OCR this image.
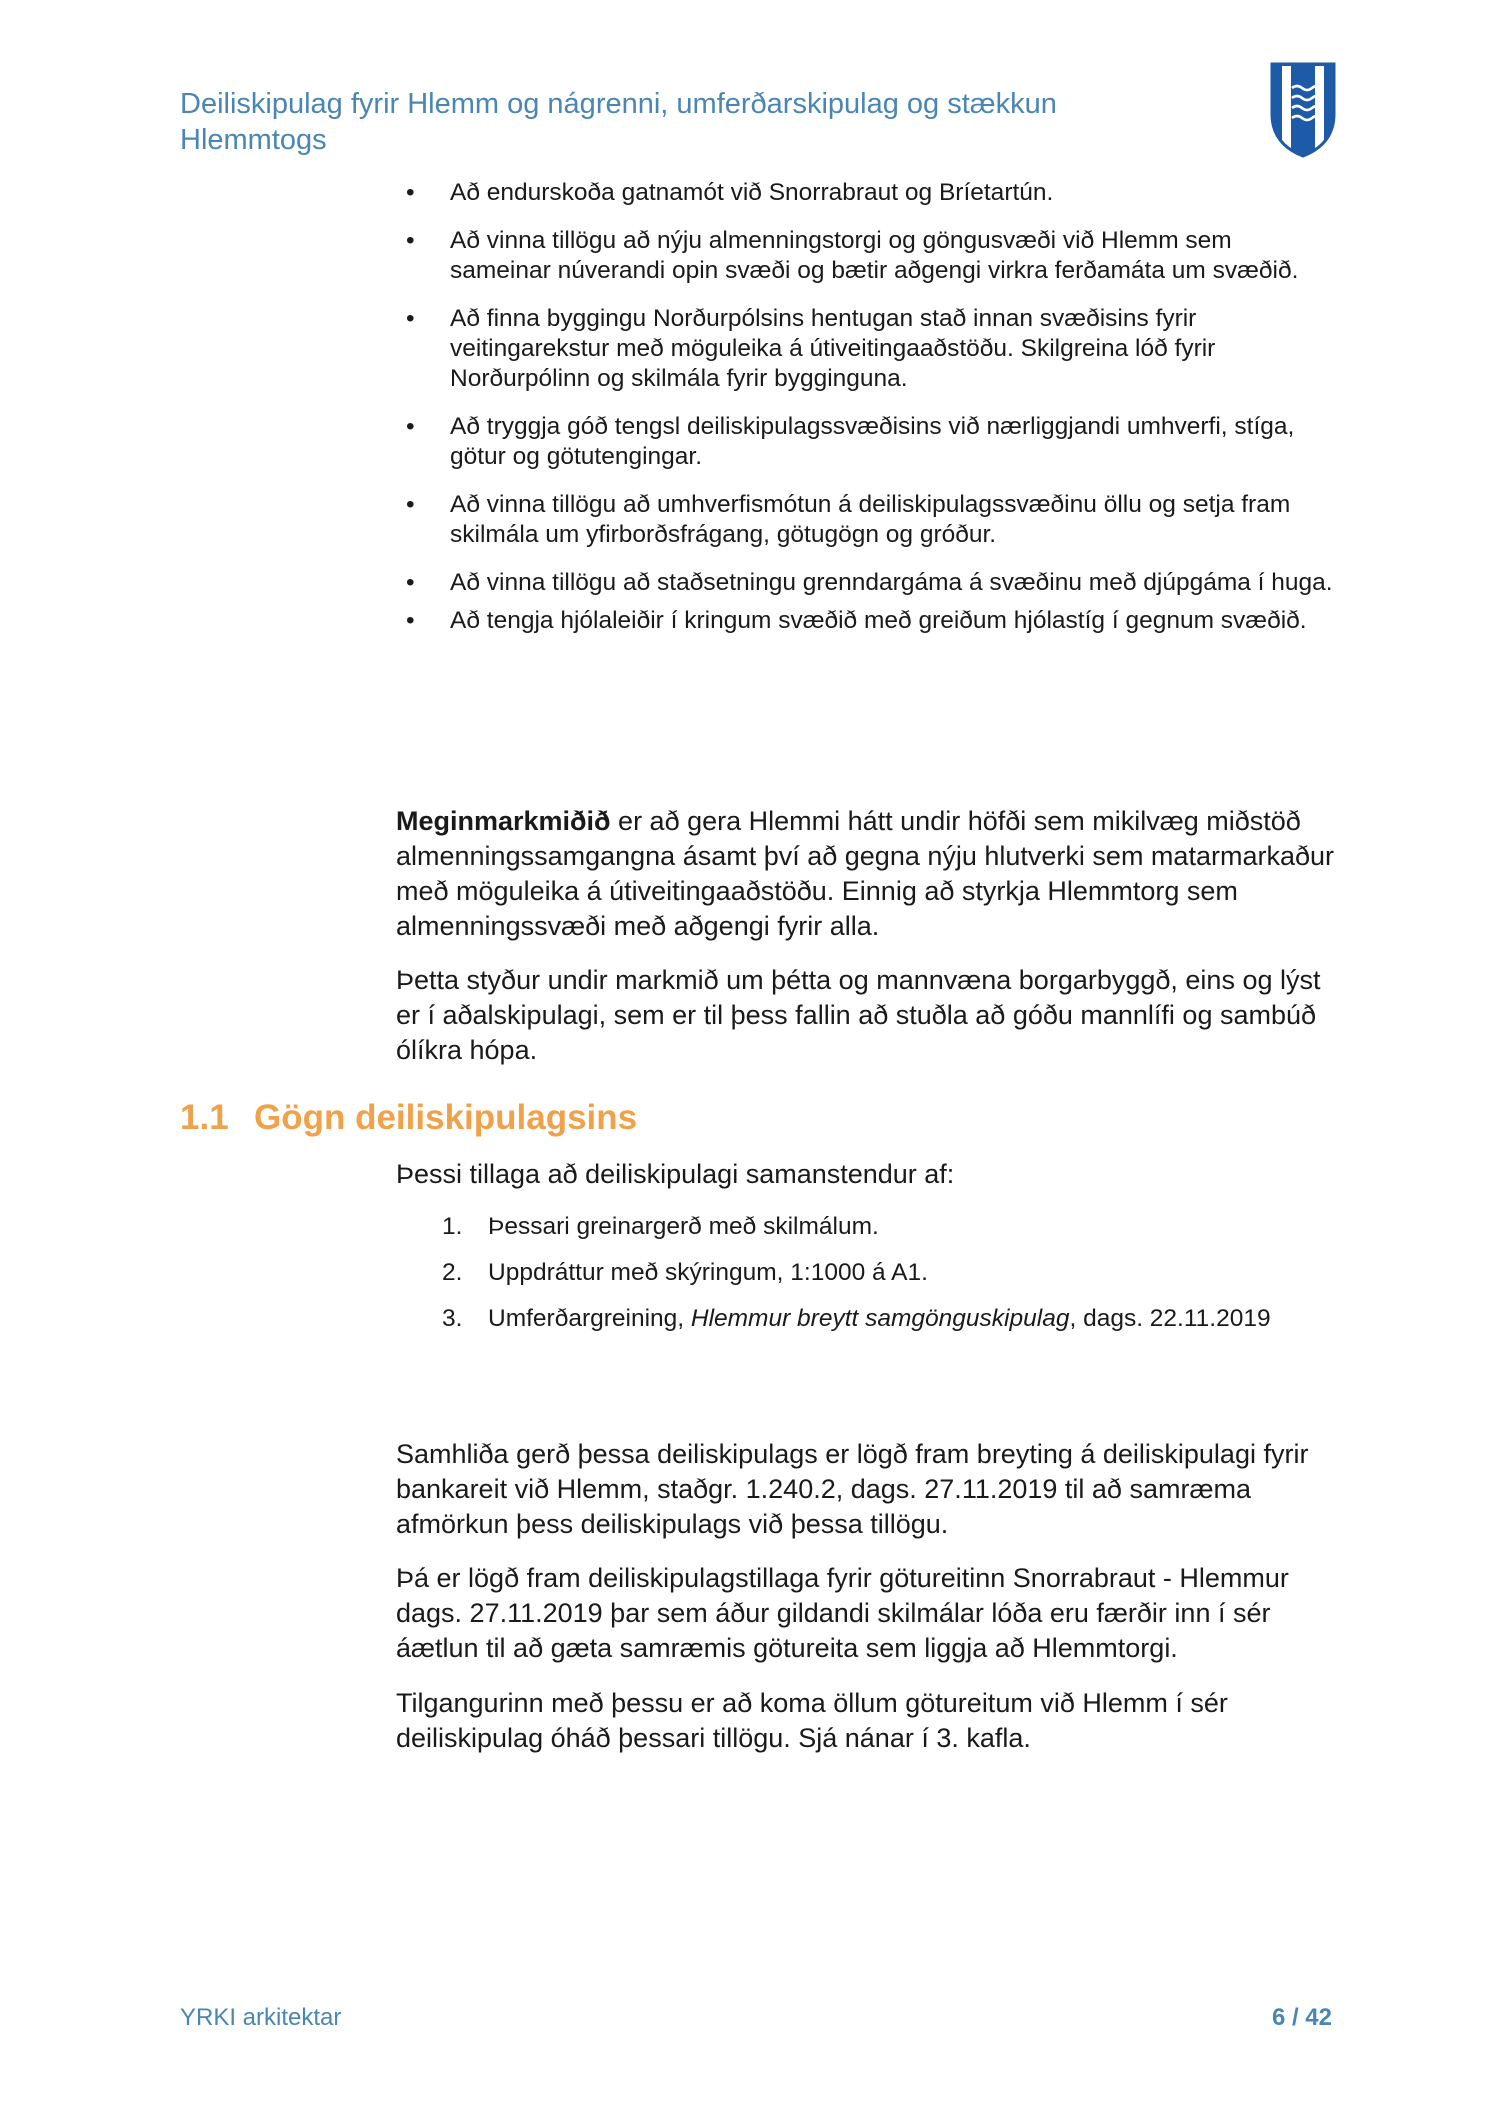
Deiliskipulag fyrir Hlemm og nágrenni, umferðarskipulag og stækkun Hlemmtogs
• Að endurskoða gatnamót við Snorrabraut og Bríetartún.
• Að vinna tillögu að nýju almenningstorgi og göngusvæði við Hlemm sem sameinar núverandi opin svæði og bætir aðgengi virkra ferðamáta um svæðið.
• Að finna byggingu Norðurpólsins hentugan stað innan svæðisins fyrir veitingarekstur með möguleika á útiveitingaaðstöðu. Skilgreina lóð fyrir Norðurpólinn og skilmála fyrir bygginguna.
• Að tryggja góð tengsl deiliskipulagssvæðisins við nærliggjandi umhverfi, stíga, götur og götutengingar.
• Að vinna tillögu að umhverfismótun á deiliskipulagssvæðinu öllu og setja fram skilmála um yfirborðsfrágang, götugögn og gróður.
• Að vinna tillögu að staðsetningu grenndargáma á svæðinu með djúpgáma í huga.
• Að tengja hjólaleiðir í kringum svæðið með greiðum hjólastíg í gegnum svæðið.

Meginmarkmiðið er að gera Hlemmi hátt undir höfði sem mikilvæg miðstöð almenningssamgangna ásamt því að gegna nýju hlutverki sem matarmarkaður með möguleika á útiveitingaaðstöðu. Einnig að styrkja Hlemmtorg sem almenningssvæði með aðgengi fyrir alla.

Þetta styður undir markmið um þétta og mannvæna borgarbyggð, eins og lýst er í aðalskipulagi, sem er til þess fallin að stuðla að góðu mannlífi og sambúð ólíkra hópa.

1.1 Gögn deiliskipulagsins

Þessi tillaga að deiliskipulagi samanstendur af:

1. Þessari greinargerð með skilmálum.
2. Uppdráttur með skýringum, 1:1000 á A1.
3. Umferðargreining, Hlemmur breytt samgönguskipulag, dags. 22.11.2019

Samhliða gerð þessa deiliskipulags er lögð fram breyting á deiliskipulagi fyrir bankareit við Hlemm, staðgr. 1.240.2, dags. 27.11.2019 til að samræma afmörkun þess deiliskipulags við þessa tillögu.

Þá er lögð fram deiliskipulagstillaga fyrir götureitinn Snorrabraut - Hlemmur dags. 27.11.2019 þar sem áður gildandi skilmálar lóða eru færðir inn í sér áætlun til að gæta samræmis götureita sem liggja að Hlemmtorgi.

Tilgangurinn með þessu er að koma öllum götureitum við Hlemm í sér deiliskipulag óháð þessari tillögu. Sjá nánar í 3. kafla.

YRKI arkitektar	6 / 42
